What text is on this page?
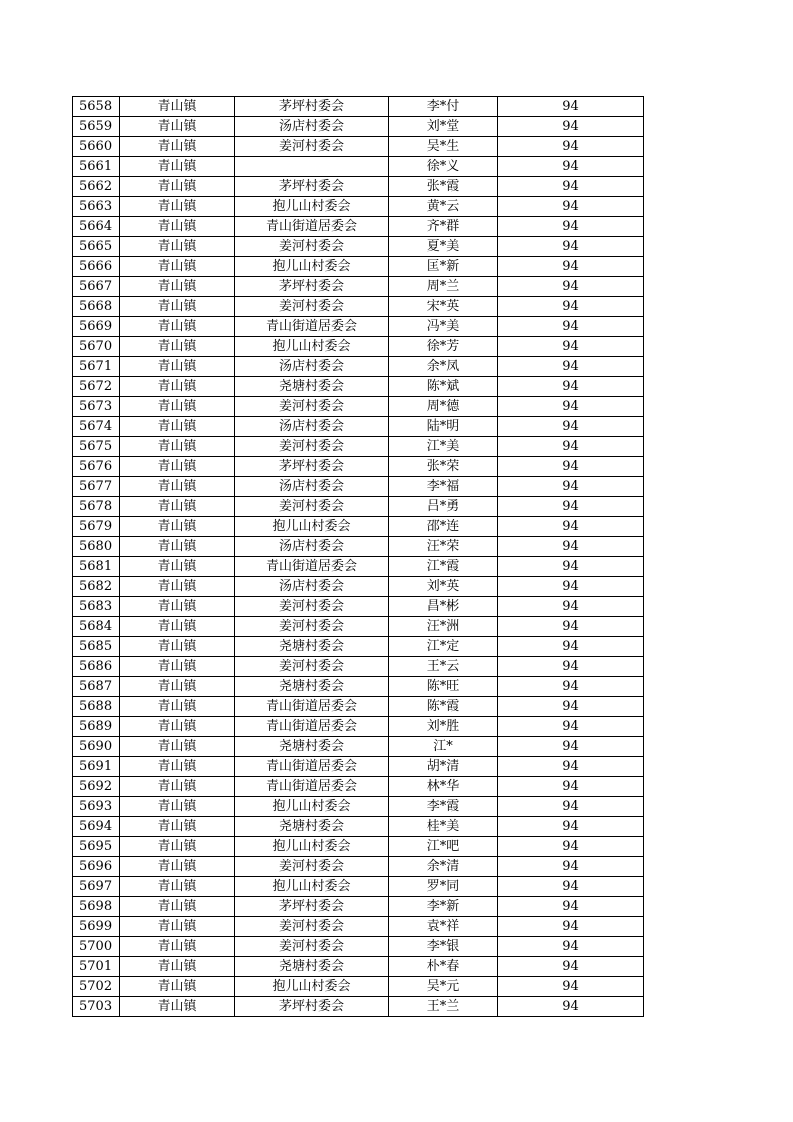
5658	青山镇	茅坪村委会	李*付	94
5659	青山镇	汤店村委会	刘*堂	94
5660	青山镇	姜河村委会	吴*生	94
5661	青山镇		徐*义	94
5662	青山镇	茅坪村委会	张*霞	94
5663	青山镇	抱儿山村委会	黄*云	94
5664	青山镇	青山街道居委会	齐*群	94
5665	青山镇	姜河村委会	夏*美	94
5666	青山镇	抱儿山村委会	匡*新	94
5667	青山镇	茅坪村委会	周*兰	94
5668	青山镇	姜河村委会	宋*英	94
5669	青山镇	青山街道居委会	冯*美	94
5670	青山镇	抱儿山村委会	徐*芳	94
5671	青山镇	汤店村委会	余*凤	94
5672	青山镇	尧塘村委会	陈*斌	94
5673	青山镇	姜河村委会	周*德	94
5674	青山镇	汤店村委会	陆*明	94
5675	青山镇	姜河村委会	江*美	94
5676	青山镇	茅坪村委会	张*荣	94
5677	青山镇	汤店村委会	李*福	94
5678	青山镇	姜河村委会	吕*勇	94
5679	青山镇	抱儿山村委会	邵*连	94
5680	青山镇	汤店村委会	汪*荣	94
5681	青山镇	青山街道居委会	江*霞	94
5682	青山镇	汤店村委会	刘*英	94
5683	青山镇	姜河村委会	昌*彬	94
5684	青山镇	姜河村委会	汪*洲	94
5685	青山镇	尧塘村委会	江*定	94
5686	青山镇	姜河村委会	王*云	94
5687	青山镇	尧塘村委会	陈*旺	94
5688	青山镇	青山街道居委会	陈*霞	94
5689	青山镇	青山街道居委会	刘*胜	94
5690	青山镇	尧塘村委会	江*	94
5691	青山镇	青山街道居委会	胡*清	94
5692	青山镇	青山街道居委会	林*华	94
5693	青山镇	抱儿山村委会	李*霞	94
5694	青山镇	尧塘村委会	桂*美	94
5695	青山镇	抱儿山村委会	江*吧	94
5696	青山镇	姜河村委会	余*清	94
5697	青山镇	抱儿山村委会	罗*同	94
5698	青山镇	茅坪村委会	李*新	94
5699	青山镇	姜河村委会	袁*祥	94
5700	青山镇	姜河村委会	李*银	94
5701	青山镇	尧塘村委会	朴*春	94
5702	青山镇	抱儿山村委会	吴*元	94
5703	青山镇	茅坪村委会	王*兰	94
